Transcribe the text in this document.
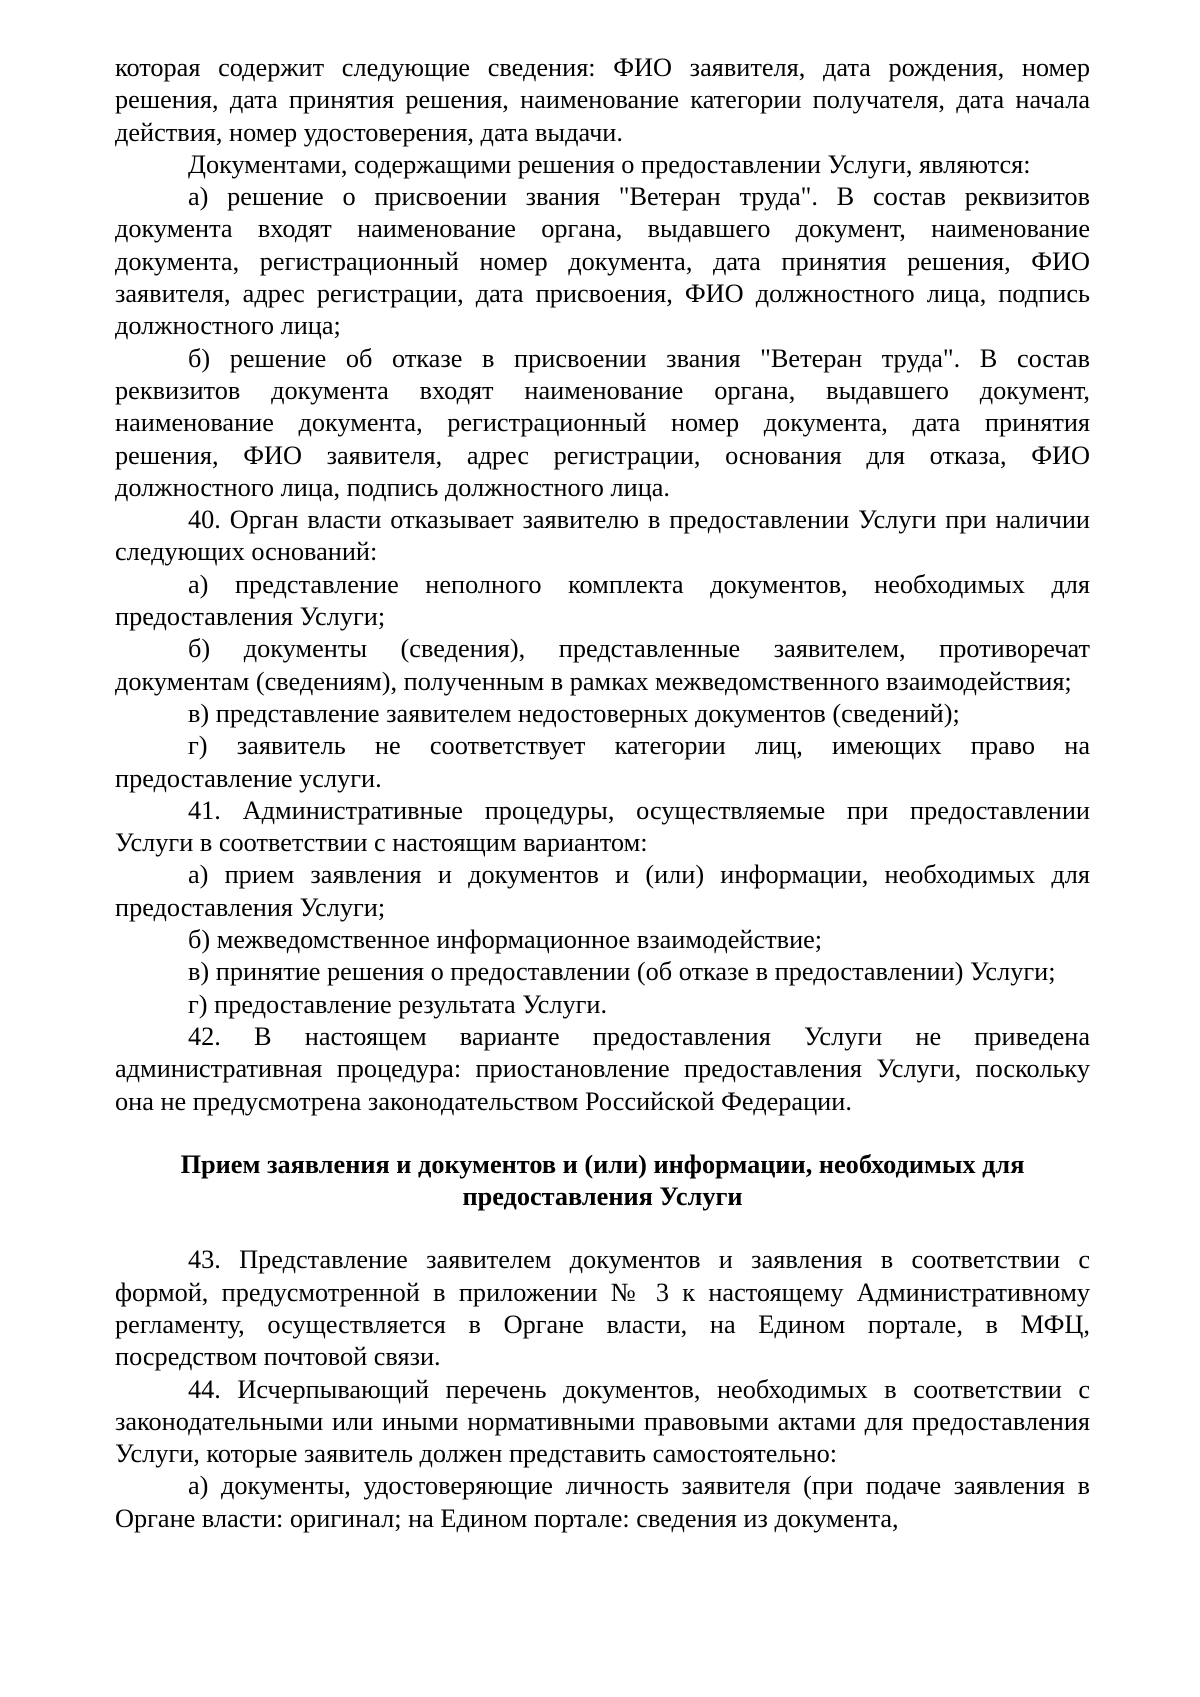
которая содержит следующие сведения: ФИО заявителя, дата рождения, номер решения, дата принятия решения, наименование категории получателя, дата начала действия, номер удостоверения, дата выдачи.

Документами, содержащими решения о предоставлении Услуги, являются:

а) решение о присвоении звания "Ветеран труда". В состав реквизитов документа входят наименование органа, выдавшего документ, наименование документа, регистрационный номер документа, дата принятия решения, ФИО заявителя, адрес регистрации, дата присвоения, ФИО должностного лица, подпись должностного лица;

б) решение об отказе в присвоении звания "Ветеран труда". В состав реквизитов документа входят наименование органа, выдавшего документ, наименование документа, регистрационный номер документа, дата принятия решения, ФИО заявителя, адрес регистрации, основания для отказа, ФИО должностного лица, подпись должностного лица.

40. Орган власти отказывает заявителю в предоставлении Услуги при наличии следующих оснований:

а) представление неполного комплекта документов, необходимых для предоставления Услуги;

б) документы (сведения), представленные заявителем, противоречат документам (сведениям), полученным в рамках межведомственного взаимодействия;

в) представление заявителем недостоверных документов (сведений);

г) заявитель не соответствует категории лиц, имеющих право на предоставление услуги.

41. Административные процедуры, осуществляемые при предоставлении Услуги в соответствии с настоящим вариантом:

а) прием заявления и документов и (или) информации, необходимых для предоставления Услуги;

б) межведомственное информационное взаимодействие;

в) принятие решения о предоставлении (об отказе в предоставлении) Услуги;

г) предоставление результата Услуги.

42. В настоящем варианте предоставления Услуги не приведена административная процедура: приостановление предоставления Услуги, поскольку она не предусмотрена законодательством Российской Федерации.

Прием заявления и документов и (или) информации, необходимых для предоставления Услуги

43. Представление заявителем документов и заявления в соответствии с формой, предусмотренной в приложении № 3 к настоящему Административному регламенту, осуществляется в Органе власти, на Едином портале, в МФЦ, посредством почтовой связи.

44. Исчерпывающий перечень документов, необходимых в соответствии с законодательными или иными нормативными правовыми актами для предоставления Услуги, которые заявитель должен представить самостоятельно:

а) документы, удостоверяющие личность заявителя (при подаче заявления в Органе власти: оригинал; на Едином портале: сведения из документа,
